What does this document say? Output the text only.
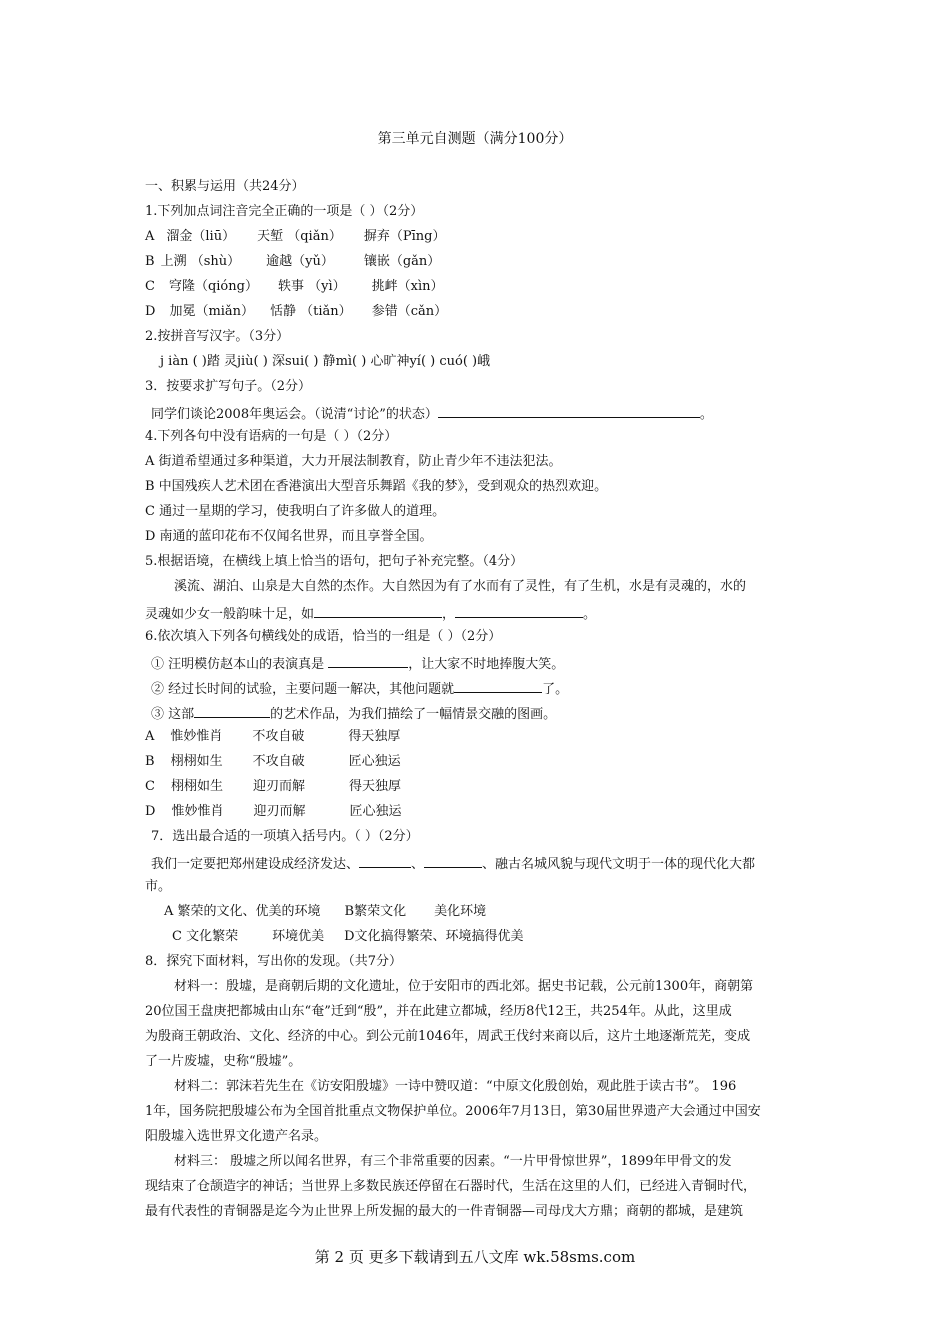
第三单元自测题（满分100分）
一、积累与运用（共24分）
1.下列加点词注音完全正确的一项是（ ）（2分）
A 溜金（liū） 天堑 （qiǎn） 摒弃（Pīng）
B 上溯 （shù） 逾越（yǔ） 镶嵌（gǎn）
C 穹隆（qióng） 轶事 （yì） 挑衅（xìn）
D 加冕（miǎn） 恬静 （tiǎn） 参错（cǎn）
2.按拼音写汉字。（3分）
j iàn ( )踏 灵jiù( ) 深sui( ) 静mì( ) 心旷神yí( ) cuó( )峨
3．按要求扩写句子。（2分）
同学们谈论2008年奥运会。（说清“讨论”的状态）	。
4.下列各句中没有语病的一句是（ ）（2分）
A 街道希望通过多种渠道，大力开展法制教育，防止青少年不违法犯法。
B 中国残疾人艺术团在香港演出大型音乐舞蹈《我的梦》，受到观众的热烈欢迎。
C 通过一星期的学习，使我明白了许多做人的道理。
D 南通的蓝印花布不仅闻名世界，而且享誉全国。
5.根据语境，在横线上填上恰当的语句，把句子补充完整。（4分）
溪流、湖泊、山泉是大自然的杰作。大自然因为有了水而有了灵性，有了生机，水是有灵魂的，水的
灵魂如少女一般韵味十足，如	，	。
6.依次填入下列各句横线处的成语，恰当的一组是（ ）（2分）
① 汪明模仿赵本山的表演真是	，让大家不时地捧腹大笑。
② 经过长时间的试验，主要问题一解决，其他问题就	了。
③ 这部	的艺术作品，为我们描绘了一幅情景交融的图画。
A 惟妙惟肖 不攻自破	得天独厚
B 栩栩如生 不攻自破	匠心独运
C 栩栩如生 迎刃而解	得天独厚
D 惟妙惟肖 迎刃而解	匠心独运
7．选出最合适的一项填入括号内。（ ）（2分）
我们一定要把郑州建设成经济发达、	、	、融古名城风貌与现代文明于一体的现代化大都
市。
A 繁荣的文化、优美的环境 B繁荣文化 美化环境
C 文化繁荣	环境优美 D文化搞得繁荣、环境搞得优美
8．探究下面材料，写出你的发现。（共7分）
材料一：殷墟，是商朝后期的文化遗址，位于安阳市的西北郊。据史书记载，公元前1300年，商朝第
20位国王盘庚把都城由山东“奄”迁到“殷”，并在此建立都城，经历8代12王，共254年。从此，这里成
为殷商王朝政治、文化、经济的中心。到公元前1046年，周武王伐纣来商以后，这片土地逐渐荒芜，变成
了一片废墟，史称“殷墟”。
材料二：郭沫若先生在《访安阳殷墟》一诗中赞叹道：“中原文化殷创始，观此胜于读古书”。 196
1年，国务院把殷墟公布为全国首批重点文物保护单位。2006年7月13日，第30届世界遗产大会通过中国安
阳殷墟入选世界文化遗产名录。
材料三： 殷墟之所以闻名世界，有三个非常重要的因素。“一片甲骨惊世界”，1899年甲骨文的发
现结束了仓颉造字的神话；当世界上多数民族还停留在石器时代，生活在这里的人们，已经进入青铜时代，
最有代表性的青铜器是迄今为止世界上所发掘的最大的一件青铜器—司母戊大方鼎；商朝的都城，是建筑
第 2 页 更多下载请到五八文库 wk.58sms.com
